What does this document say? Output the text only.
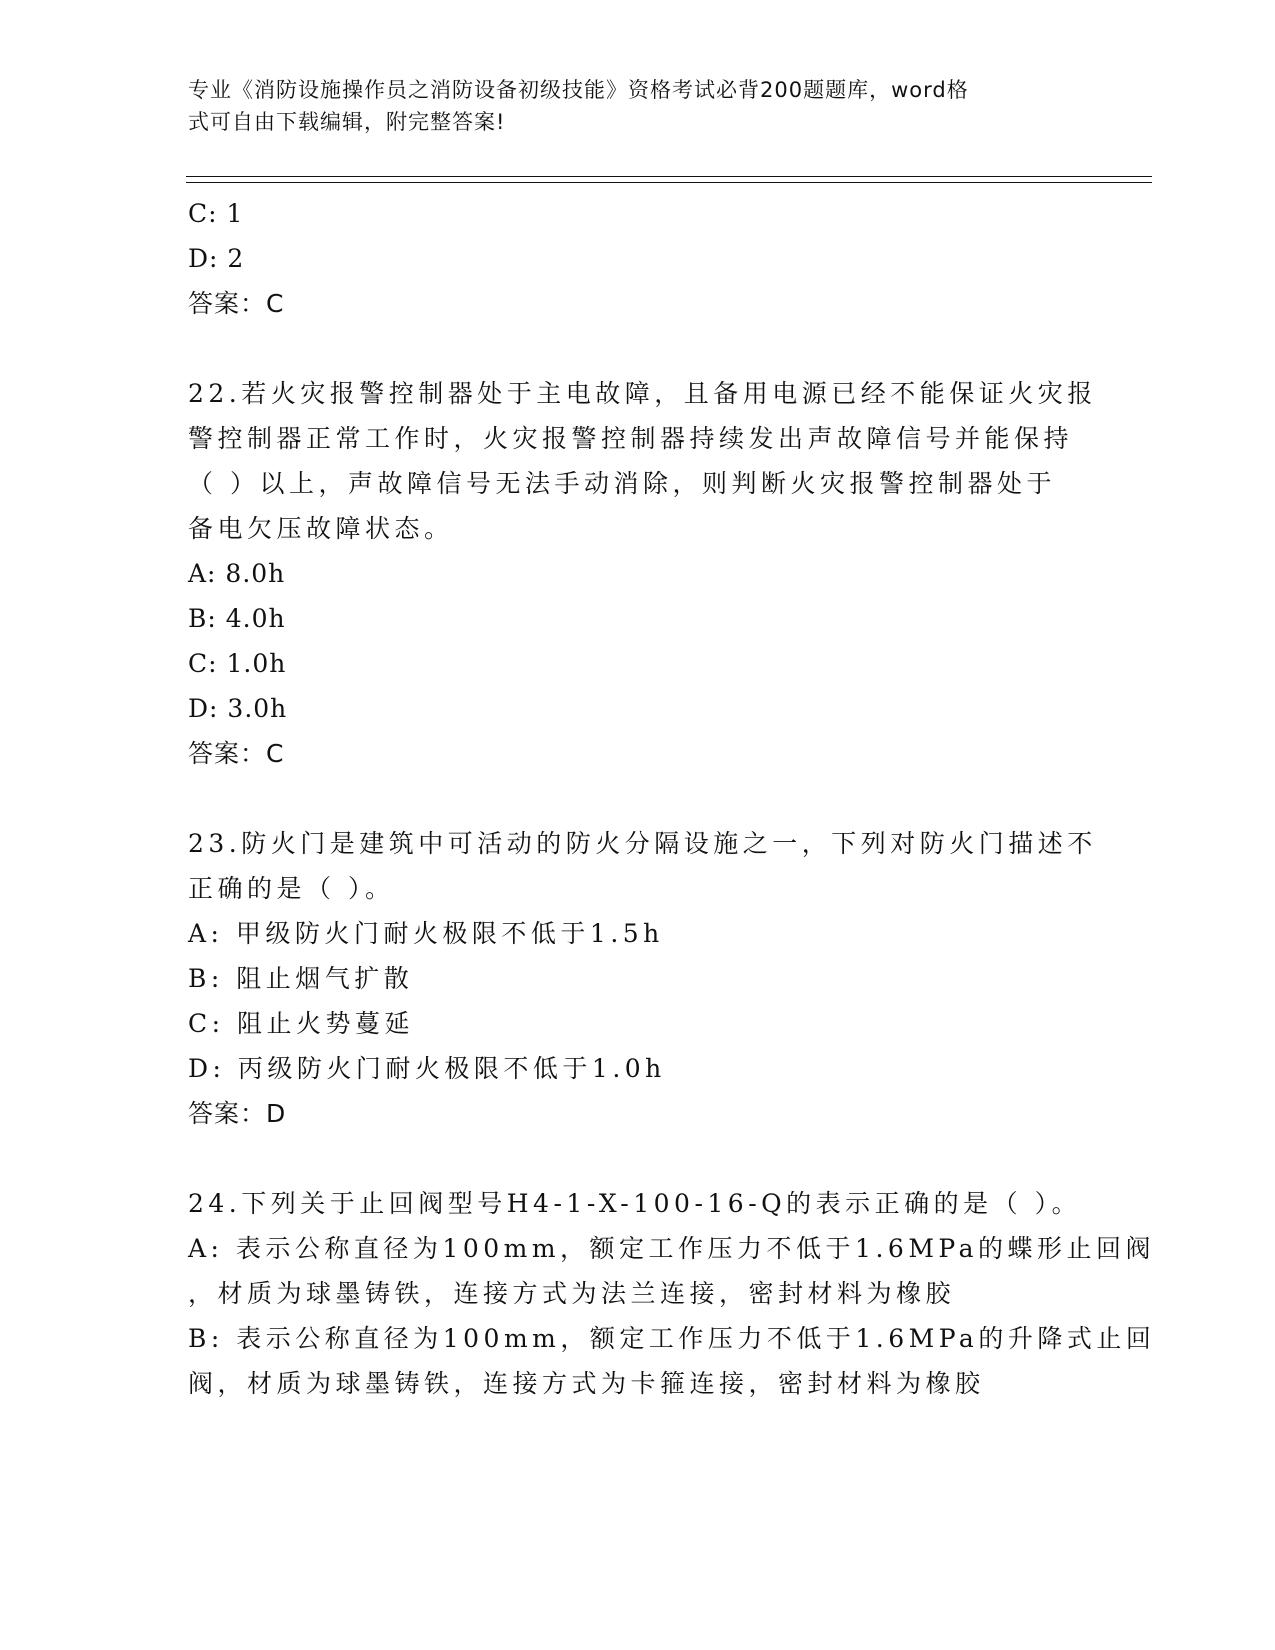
专业《消防设施操作员之消防设备初级技能》资格考试必背200题题库，word格
式可自由下载编辑，附完整答案!
C: 1
D: 2
答案：C
22.若火灾报警控制器处于主电故障，且备用电源已经不能保证火灾报
警控制器正常工作时，火灾报警控制器持续发出声故障信号并能保持
（ ）以上，声故障信号无法手动消除，则判断火灾报警控制器处于
备电欠压故障状态。
A: 8.0h
B: 4.0h
C: 1.0h
D: 3.0h
答案：C
23.防火门是建筑中可活动的防火分隔设施之一，下列对防火门描述不
正确的是（ ）。
A: 甲级防火门耐火极限不低于1.5h
B: 阻止烟气扩散
C: 阻止火势蔓延
D: 丙级防火门耐火极限不低于1.0h
答案：D
24.下列关于止回阀型号H4-1-X-100-16-Q的表示正确的是（ ）。
A: 表示公称直径为100mm，额定工作压力不低于1.6MPa的蝶形止回阀
，材质为球墨铸铁，连接方式为法兰连接，密封材料为橡胶
B: 表示公称直径为100mm，额定工作压力不低于1.6MPa的升降式止回
阀，材质为球墨铸铁，连接方式为卡箍连接，密封材料为橡胶
